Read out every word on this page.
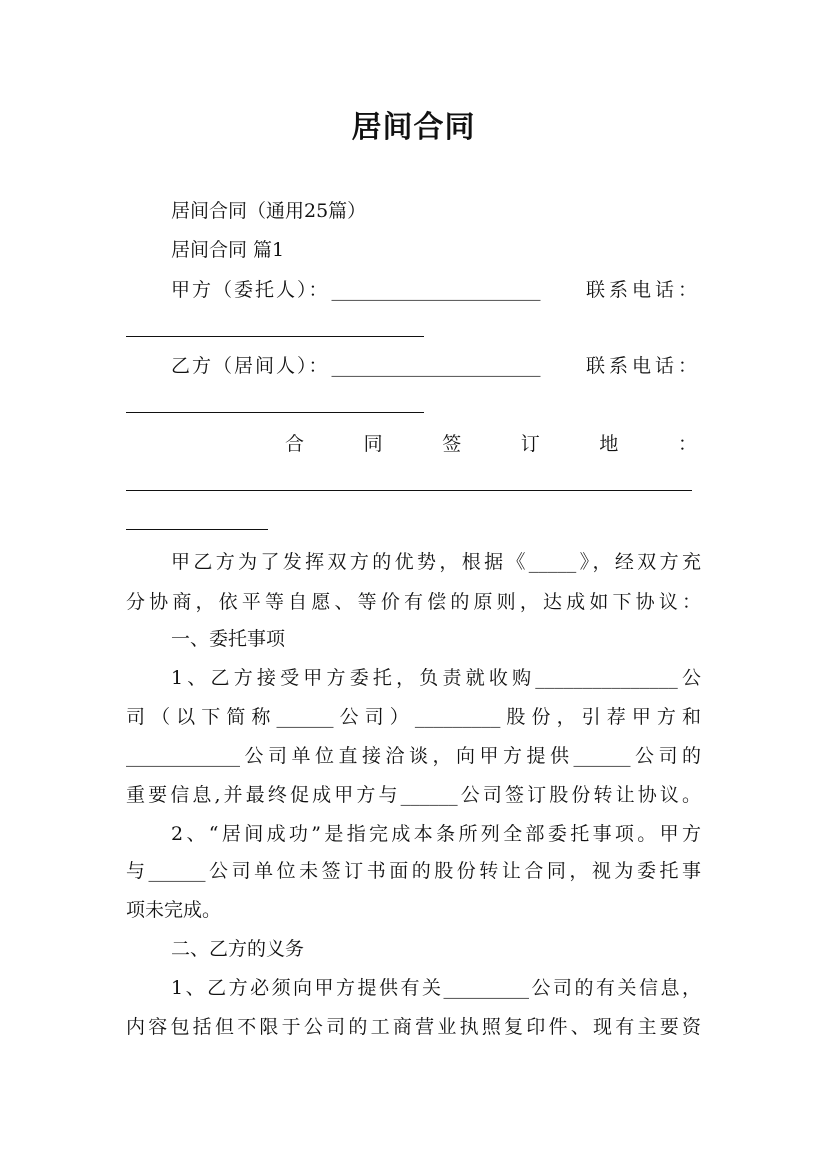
居间合同
居间合同（通用25篇）
居间合同 篇1
甲方（委托人）： ______________________ 联系电话：
乙方（居间人）： ______________________ 联系电话：
合	同	签	订	地	：
甲乙方为了发挥双方的优势，根据《_____》，经双方充
分协商，依平等自愿、等价有偿的原则，达成如下协议：
一、委托事项
1、乙方接受甲方委托，负责就收购_______________公
司（以下简称______公司）_________股份，引荐甲方和
____________公司单位直接洽谈，向甲方提供______公司的
重要信息,并最终促成甲方与______公司签订股份转让协议。
2、“居间成功”是指完成本条所列全部委托事项。甲方
与______公司单位未签订书面的股份转让合同，视为委托事
项未完成。
二、乙方的义务
1、乙方必须向甲方提供有关_________公司的有关信息，
内容包括但不限于公司的工商营业执照复印件、现有主要资
